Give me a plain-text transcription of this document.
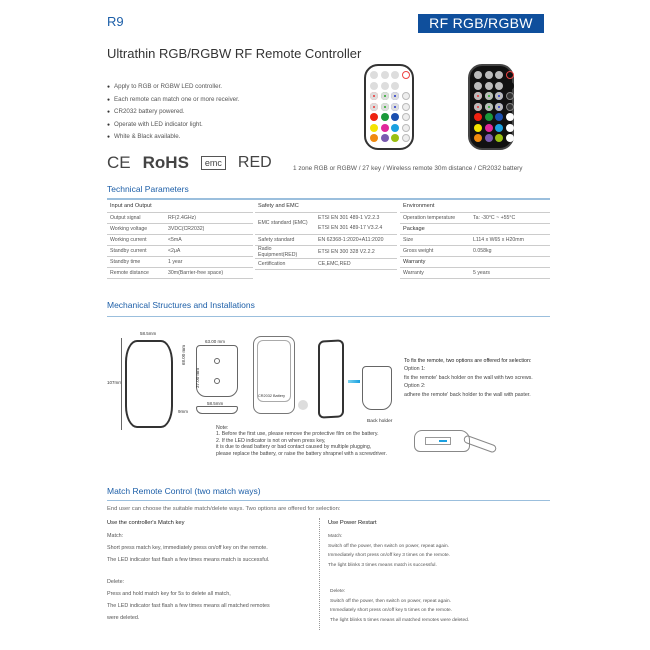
R9	RF RGB/RGBW
Ultrathin RGB/RGBW RF Remote Controller
● Apply to RGB or RGBW LED controller.
● Each remote can match one or more receiver.
● CR2032 battery powered.
● Operate with LED indicator light.
● White & Black available.
CE RoHS	emc RED	1 zone RGB or RGBW / 27 key / Wireless remote 30m distance / CR2032 battery
Technical Parameters
Input and Output	
Output signal	RF(2.4GHz)
Working voltage	3VDC(CR2032)
Working current	<5mA
Standby current	<2μA
Standby time	1 year
Remote distance	30m(Barrier-free space)
Safety and EMC	
EMC standard (EMC)	ETSI EN 301 489-1 V2.2.3
ETSI EN 301 489-17 V3.2.4

Safety standard	EN 62368-1:2020+A11:2020
Radio Equipment(RED)	ETSI EN 300 328 V2.2.2
Certification	CE,EMC,RED
Environment	
Operation temperature	Ta: -30°C ~ +55°C
Package	
Size	L114 x W65 x H20mm
Gross weight	0.058kg
Warranty	
Warranty	5 years
Mechanical Structures and Installations
58.5mm
107mm
63.00 mm
68.00 mm
37.00 mm
58.5mm
9mm
CR2032 Battery
Back holder
Note:
1. Before the first use, please remove the protective film on the battery.
2. If the LED indicator is not on when press key,
it is due to dead battery or bad contact caused by multiple plugging,
please replace the battery, or raise the battery shrapnel with a screwdriver.
To fix the remote, two options are offered for selection:
Option 1:
fix the remote' back holder on the wall with two screws.
Option 2:
adhere the remote' back holder to the wall with paster.
Match Remote Control (two match ways)
End user can choose the suitable match/delete ways. Two options are offered for selection:
Use the controller's Match key
Match:
Short press match key, immediately press on/off key on the remote.
The LED indicator fast flash a few times means match is successful.
Delete:
Press and hold match key for 5s to delete all match,
The LED indicator fast flash a few times means all matched remotes
were deleted.
Use Power Restart
Match:
Switch off the power, then switch on power, repeat again.
Immediately short press on/off key 3 times on the remote.
The light blinks 3 times means match is successful.
Delete:
Switch off the power, then switch on power, repeat again.
Immediately short press on/off key 5 times on the remote.
The light blinks 5 times means all matched remotes were deleted.
